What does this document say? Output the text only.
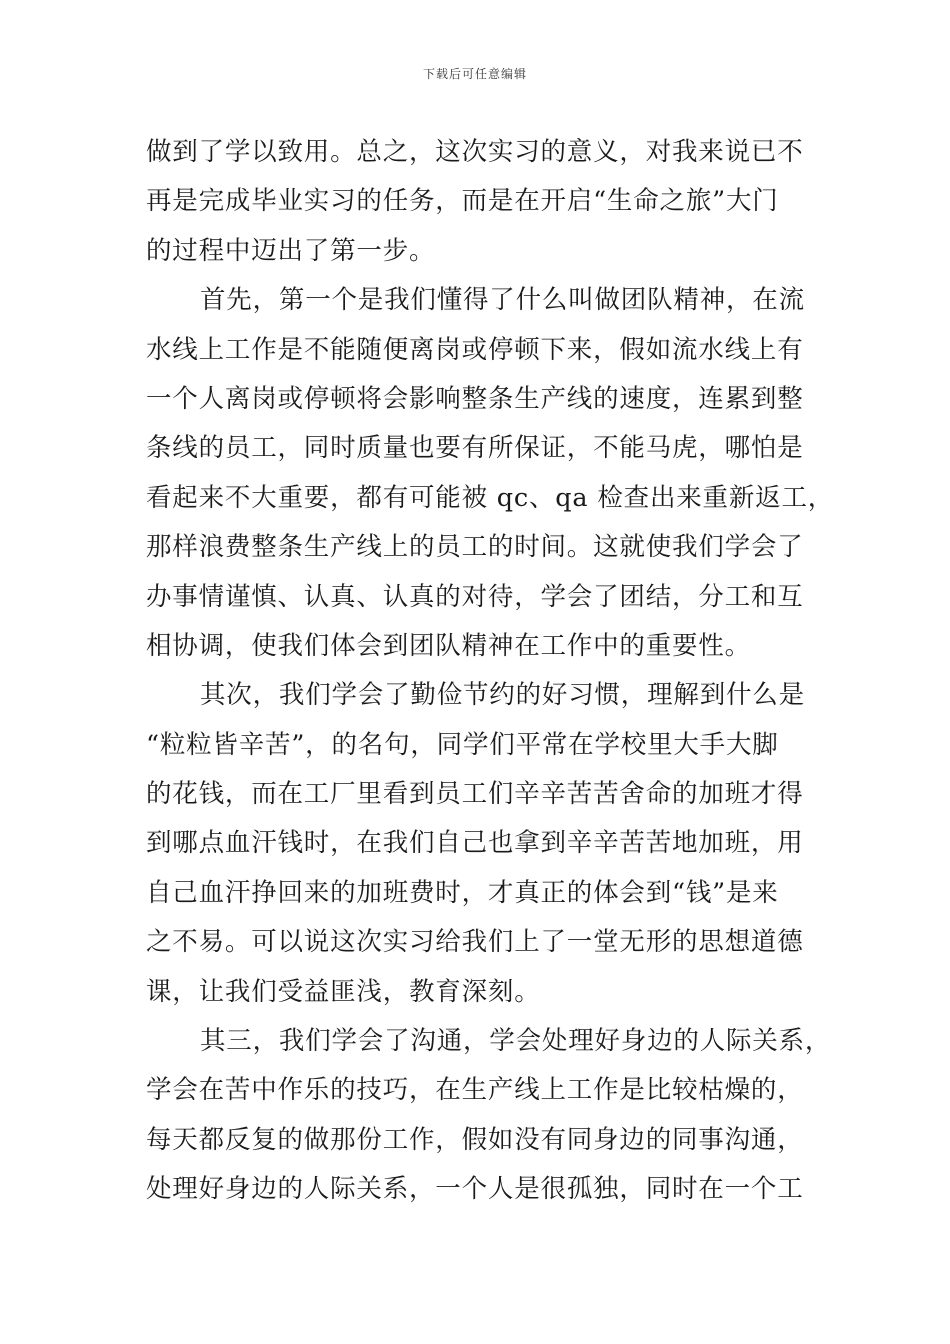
下载后可任意编辑
做到了学以致用。总之，这次实习的意义，对我来说已不
再是完成毕业实习的任务，而是在开启“生命之旅”大门
的过程中迈出了第一步。
首先，第一个是我们懂得了什么叫做团队精神，在流
水线上工作是不能随便离岗或停顿下来，假如流水线上有
一个人离岗或停顿将会影响整条生产线的速度，连累到整
条线的员工，同时质量也要有所保证，不能马虎，哪怕是
看起来不大重要，都有可能被 qc、qa 检查出来重新返工，
那样浪费整条生产线上的员工的时间。这就使我们学会了
办事情谨慎、认真、认真的对待，学会了团结，分工和互
相协调，使我们体会到团队精神在工作中的重要性。
其次，我们学会了勤俭节约的好习惯，理解到什么是
“粒粒皆辛苦”，的名句，同学们平常在学校里大手大脚
的花钱，而在工厂里看到员工们辛辛苦苦舍命的加班才得
到哪点血汗钱时，在我们自己也拿到辛辛苦苦地加班，用
自己血汗挣回来的加班费时，才真正的体会到“钱”是来
之不易。可以说这次实习给我们上了一堂无形的思想道德
课，让我们受益匪浅，教育深刻。
其三，我们学会了沟通，学会处理好身边的人际关系，
学会在苦中作乐的技巧，在生产线上工作是比较枯燥的，
每天都反复的做那份工作，假如没有同身边的同事沟通，
处理好身边的人际关系，一个人是很孤独，同时在一个工
